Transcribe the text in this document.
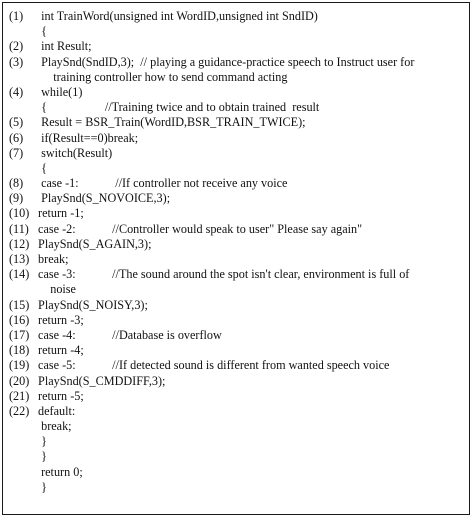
(1) int TrainWord(unsigned int WordID,unsigned int SndID)
{
(2) int Result;
(3) PlaySnd(SndID,3);  // playing a guidance-practice speech to Instruct user for
training controller how to send command acting
(4) while(1)
{                   //Training twice and to obtain trained  result
(5) Result = BSR_Train(WordID,BSR_TRAIN_TWICE);
(6) if(Result==0)break;
(7) switch(Result)
{
(8) case -1:            //If controller not receive any voice
(9) PlaySnd(S_NOVOICE,3);
(10) return -1;
(11) case -2:            //Controller would speak to user" Please say again"
(12) PlaySnd(S_AGAIN,3);
(13) break;
(14) case -3:            //The sound around the spot isn't clear, environment is full of
noise
(15) PlaySnd(S_NOISY,3);
(16) return -3;
(17) case -4:            //Database is overflow
(18) return -4;
(19) case -5:            //If detected sound is different from wanted speech voice
(20) PlaySnd(S_CMDDIFF,3);
(21) return -5;
(22) default:
break;
}
}
return 0;
}
